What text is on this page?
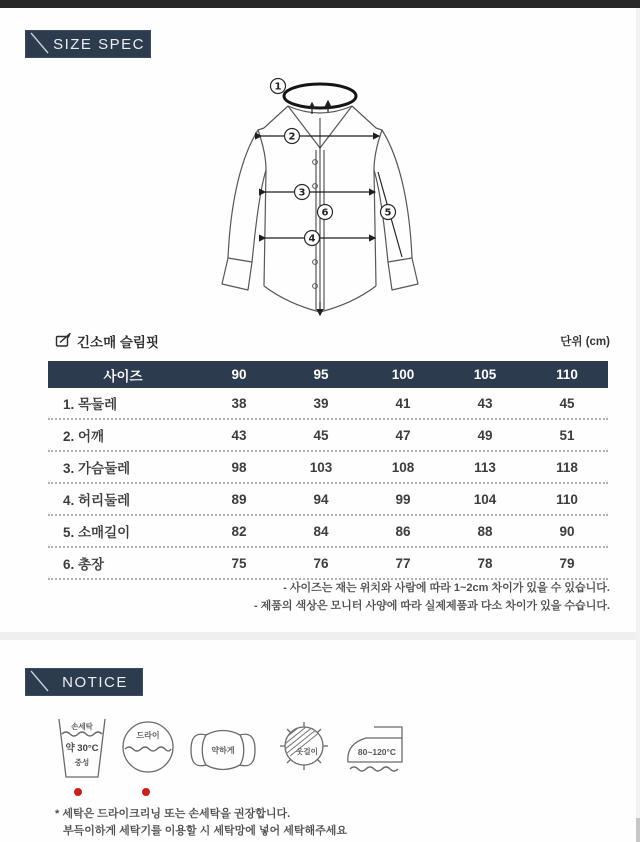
SIZE SPEC
1
2
3
4
5
6
긴소매 슬림핏	단위 (cm)
사이즈	90	95	100	105	110
1. 목둘레	38	39	41	43	45
2. 어깨	43	45	47	49	51
3. 가슴둘레	98	103	108	113	118
4. 허리둘레	89	94	99	104	110
5. 소매길이	82	84	86	88	90
6. 총장	75	76	77	78	79
- 사이즈는 재는 위치와 사람에 따라 1~2cm 차이가 있을 수 있습니다.
- 제품의 색상은 모니터 사양에 따라 실제제품과 다소 차이가 있을 수습니다.
NOTICE
손세탁
약 30°C
중성
드라이
약하게	옷걸이	80~120°C
* 세탁은 드라이크리닝 또는 손세탁을 권장합니다.
부득이하게 세탁기를 이용할 시 세탁망에 넣어 세탁해주세요
